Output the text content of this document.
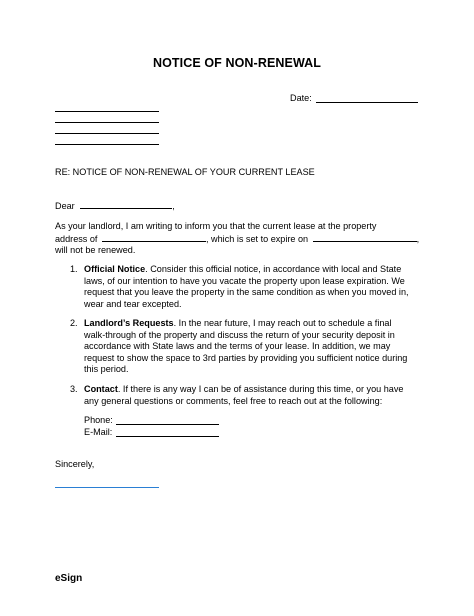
NOTICE OF NON-RENEWAL
Date:
RE: NOTICE OF NON-RENEWAL OF YOUR CURRENT LEASE
Dear	,
As your landlord, I am writing to inform you that the current lease at the property
address of	, which is set to expire on	,
will not be renewed.
1. Official Notice. Consider this official notice, in accordance with local and State
laws, of our intention to have you vacate the property upon lease expiration. We
request that you leave the property in the same condition as when you moved in,
wear and tear excepted.
2. Landlord’s Requests. In the near future, I may reach out to schedule a final
walk-through of the property and discuss the return of your security deposit in
accordance with State laws and the terms of your lease. In addition, we may
request to show the space to 3rd parties by providing you sufficient notice during
this period.
3. Contact. If there is any way I can be of assistance during this time, or you have
any general questions or comments, feel free to reach out at the following:
Phone:
E-Mail:
Sincerely,
eSign
